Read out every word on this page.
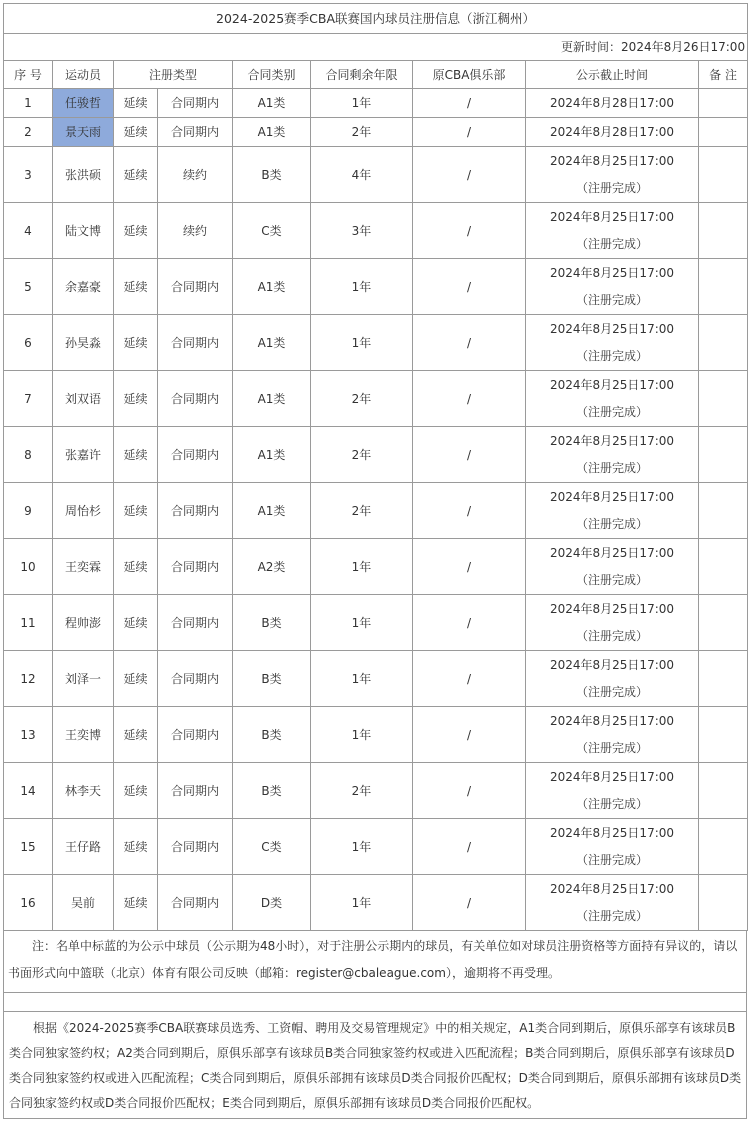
2024-2025赛季CBA联赛国内球员注册信息（浙江稠州）								
更新时间：2024年8月26日17:00								
序 号	运动员	注册类型		合同类别	合同剩余年限	原CBA俱乐部	公示截止时间	备 注
1	任骏哲	延续	合同期内	A1类	1年	/	2024年8月28日17:00	

2	景天雨	延续	合同期内	A1类	2年	/	2024年8月28日17:00	

3	张洪硕	延续	续约	B类	4年	/	2024年8月25日17:00
（注册完成）	

4	陆文博	延续	续约	C类	3年	/	2024年8月25日17:00
（注册完成）	

5	余嘉豪	延续	合同期内	A1类	1年	/	2024年8月25日17:00
（注册完成）	

6	孙昊淼	延续	合同期内	A1类	1年	/	2024年8月25日17:00
（注册完成）	

7	刘双语	延续	合同期内	A1类	2年	/	2024年8月25日17:00
（注册完成）	

8	张嘉许	延续	合同期内	A1类	2年	/	2024年8月25日17:00
（注册完成）	

9	周怡杉	延续	合同期内	A1类	2年	/	2024年8月25日17:00
（注册完成）	

10	王奕霖	延续	合同期内	A2类	1年	/	2024年8月25日17:00
（注册完成）	

11	程帅澎	延续	合同期内	B类	1年	/	2024年8月25日17:00
（注册完成）	

12	刘泽一	延续	合同期内	B类	1年	/	2024年8月25日17:00
（注册完成）	

13	王奕博	延续	合同期内	B类	1年	/	2024年8月25日17:00
（注册完成）	

14	林李天	延续	合同期内	B类	2年	/	2024年8月25日17:00
（注册完成）	

15	王仔路	延续	合同期内	C类	1年	/	2024年8月25日17:00
（注册完成）	

16	吴前	延续	合同期内	D类	1年	/	2024年8月25日17:00
（注册完成）	

注：名单中标蓝的为公示中球员（公示期为48小时），对于注册公示期内的球员，有关单位如对球员注册资格等方面持有异议的，请以书面形式向中篮联（北京）体育有限公司反映（邮箱：register@cbaleague.com），逾期将不再受理。

根据《2024-2025赛季CBA联赛球员选秀、工资帽、聘用及交易管理规定》中的相关规定，A1类合同到期后，原俱乐部享有该球员B类合同独家签约权；A2类合同到期后，原俱乐部享有该球员B类合同独家签约权或进入匹配流程；B类合同到期后，原俱乐部享有该球员D类合同独家签约权或进入匹配流程；C类合同到期后，原俱乐部拥有该球员D类合同报价匹配权；D类合同到期后，原俱乐部拥有该球员D类合同独家签约权或D类合同报价匹配权；E类合同到期后，原俱乐部拥有该球员D类合同报价匹配权。
